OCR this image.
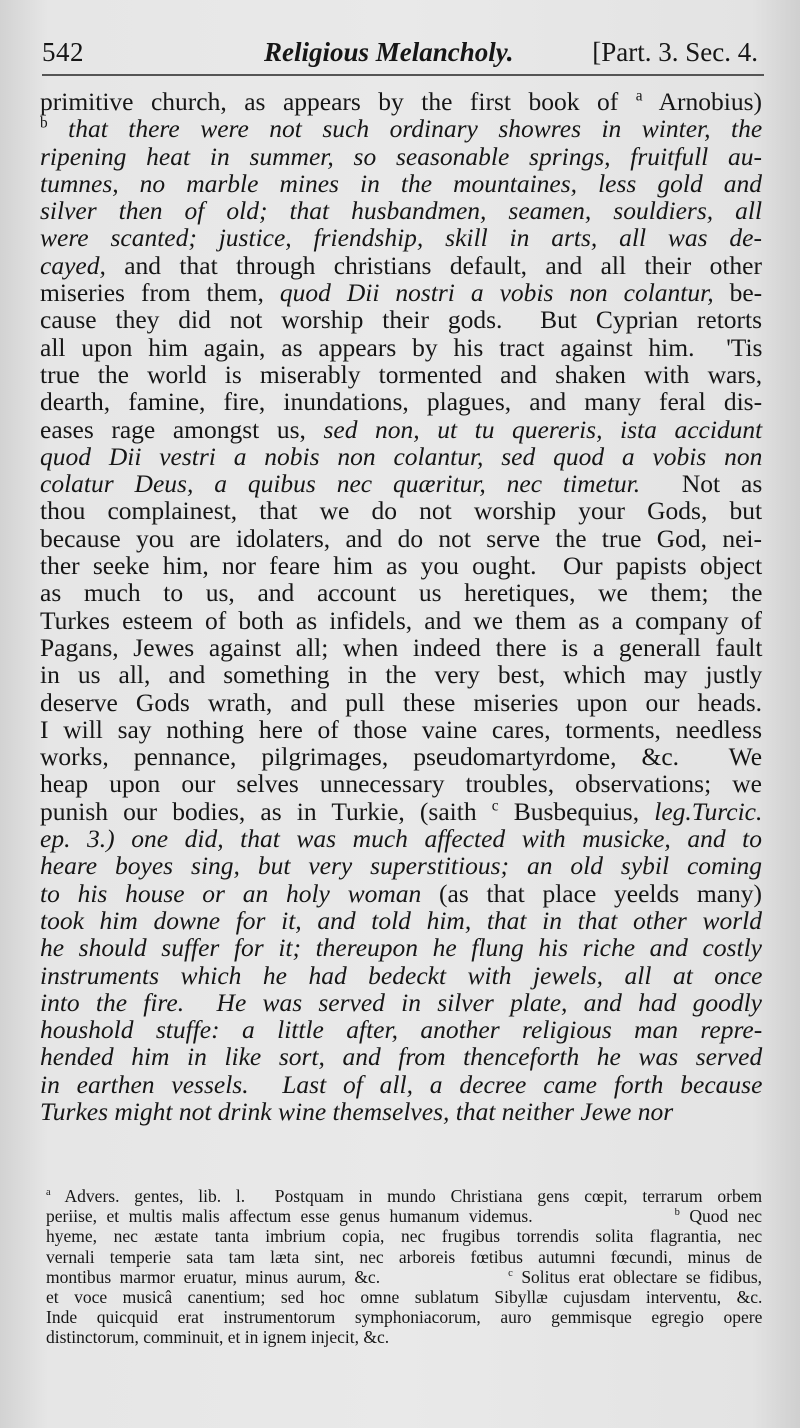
542	Religious Melancholy.	[Part. 3. Sec. 4.
primitive church, as appears by the first book of $^a$ Arnobius)
$^b$ that there were not such ordinary showres in winter, the
ripening heat in summer, so seasonable springs, fruitfull au-
tumnes, no marble mines in the mountaines, less gold and
silver then of old; that husbandmen, seamen, souldiers, all
were scanted; justice, friendship, skill in arts, all was de-
cayed, and that through christians default, and all their other
miseries from them, quod Dii nostri a vobis non colantur, be-
cause they did not worship their gods.  But Cyprian retorts
all upon him again, as appears by his tract against him.  'Tis
true the world is miserably tormented and shaken with wars,
dearth, famine, fire, inundations, plagues, and many feral dis-
eases rage amongst us, sed non, ut tu quereris, ista accidunt
quod Dii vestri a nobis non colantur, sed quod a vobis non
colatur Deus, a quibus nec quæritur, nec timetur.  Not as
thou complainest, that we do not worship your Gods, but
because you are idolaters, and do not serve the true God, nei-
ther seeke him, nor feare him as you ought.  Our papists object
as much to us, and account us heretiques, we them; the
Turkes esteem of both as infidels, and we them as a company of
Pagans, Jewes against all; when indeed there is a generall fault
in us all, and something in the very best, which may justly
deserve Gods wrath, and pull these miseries upon our heads.
I will say nothing here of those vaine cares, torments, needless
works, pennance, pilgrimages, pseudomartyrdome, &c.  We
heap upon our selves unnecessary troubles, observations; we
punish our bodies, as in Turkie, (saith $^c$ Busbequius, leg.Turcic.
ep. 3.) one did, that was much affected with musicke, and to
heare boyes sing, but very superstitious; an old sybil coming
to his house or an holy woman (as that place yeelds many)
took him downe for it, and told him, that in that other world
he should suffer for it; thereupon he flung his riche and costly
instruments which he had bedeckt with jewels, all at once
into the fire.  He was served in silver plate, and had goodly
houshold stuffe: a little after, another religious man repre-
hended him in like sort, and from thenceforth he was served
in earthen vessels.  Last of all, a decree came forth because
Turkes might not drink wine themselves, that neither Jewe nor
$^a$ Advers. gentes, lib. l.  Postquam in mundo Christiana gens cœpit, terrarum orbem
periise, et multis malis affectum esse genus humanum videmus.               $^b$ Quod nec
hyeme, nec æstate tanta imbrium copia, nec frugibus torrendis solita flagrantia, nec
vernali temperie sata tam læta sint, nec arboreis fœtibus autumni fœcundi, minus de
montibus marmor eruatur, minus aurum, &c.               $^c$ Solitus erat oblectare se fidibus,
et voce musicâ canentium; sed hoc omne sublatum Sibyllæ cujusdam interventu, &c.
Inde quicquid erat instrumentorum symphoniacorum, auro gemmisque egregio opere
distinctorum, comminuit, et in ignem injecit, &c.
